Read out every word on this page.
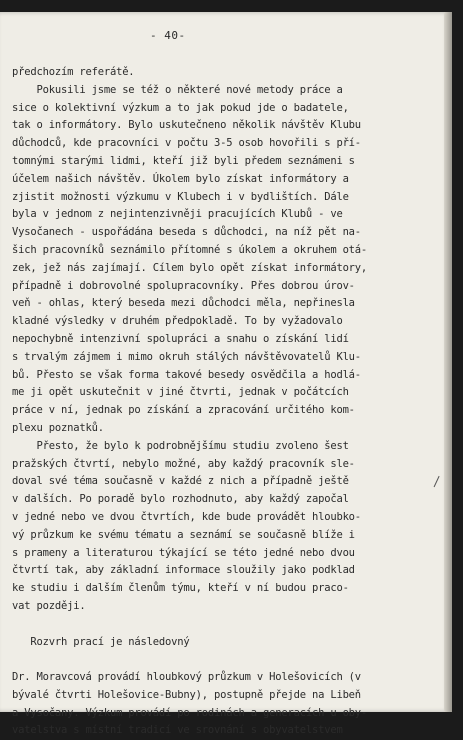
- 40-
předchozím referátě.
Pokusili jsme se též o některé nové metody práce a
sice o kolektivní výzkum a to jak pokud jde o badatele,
tak o informátory. Bylo uskutečneno několik návštěv Klubu
důchodců, kde pracovníci v počtu 3-5 osob hovořili s pří-
tomnými starými lidmi, kteří již byli předem seznámeni s
účelem našich návštěv. Úkolem bylo získat informátory a
zjistit možnosti výzkumu v Klubech i v bydlištích. Dále
byla v jednom z nejintenzivněji pracujících Klubů - ve
Vysočanech - uspořádána beseda s důchodci, na níž pět na-
šich pracovníků seznámilo přítomné s úkolem a okruhem otá-
zek, jež nás zajímají. Cílem bylo opět získat informátory,
případně i dobrovolné spolupracovníky. Přes dobrou úrov-
veň - ohlas, který beseda mezi důchodci měla, nepřinesla
kladné výsledky v druhém předpokladě. To by vyžadovalo
nepochybně intenzivní spolupráci a snahu o získání lidí
s trvalým zájmem i mimo okruh stálých návštěvovatelů Klu-
bů. Přesto se však forma takové besedy osvědčila a hodlá-
me ji opět uskutečnit v jiné čtvrti, jednak v počátcích
práce v ní, jednak po získání a zpracování určitého kom-
plexu poznatků.
Přesto, že bylo k podrobnějšímu studiu zvoleno šest
pražských čtvrtí, nebylo možné, aby každý pracovník sle-
doval své téma současně v každé z nich a případně ještě
v dalších. Po poradě bylo rozhodnuto, aby každý započal
v jedné nebo ve dvou čtvrtích, kde bude provádět hloubko-
vý průzkum ke svému tématu a seznámí se současně blíže i
s prameny a literaturou týkající se této jedné nebo dvou
čtvrtí tak, aby základní informace sloužily jako podklad
ke studiu i dalším členům týmu, kteří v ní budou praco-
vat později.
Rozvrh prací je následovný
Dr. Moravcová provádí hloubkový průzkum v Holešovicích (v
bývalé čtvrti Holešovice-Bubny), postupně přejde na Libeň
a Vysočany. Výzkum provádí po rodinách a generacích u oby-
vatelstva s místní tradicí ve srovnání s obyvatelstvem
